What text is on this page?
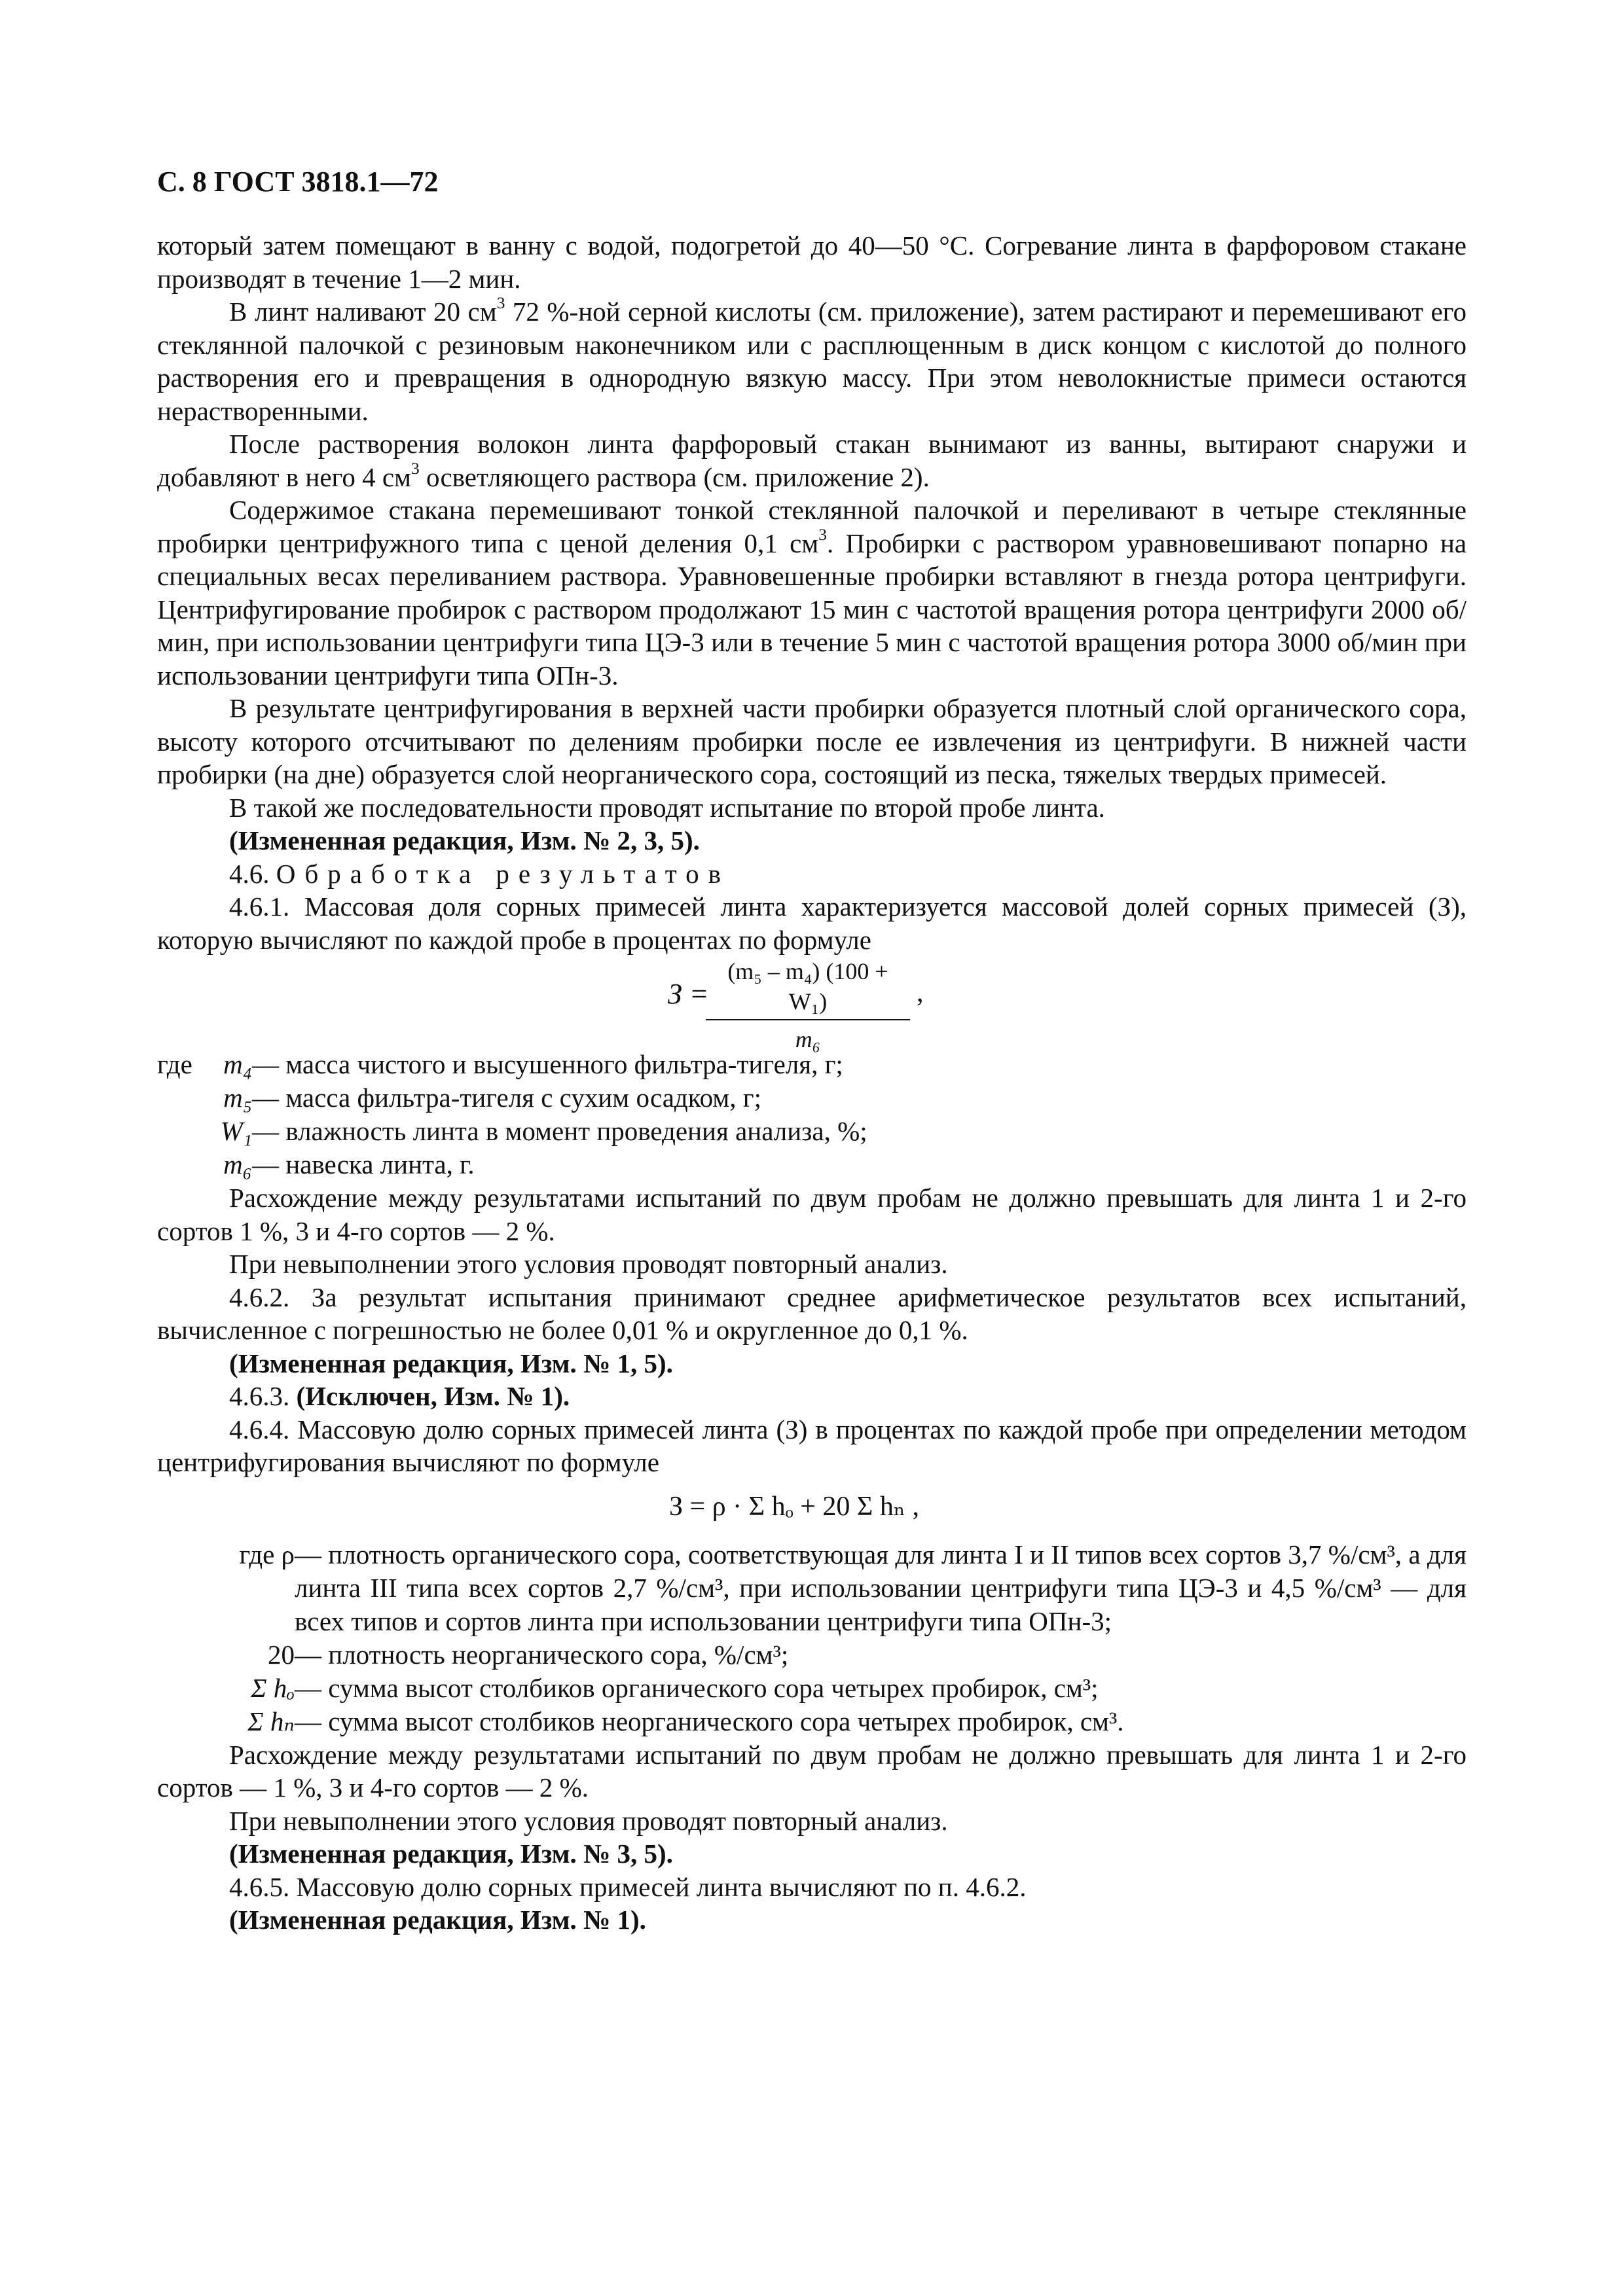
С. 8 ГОСТ 3818.1—72

который затем помещают в ванну с водой, подогретой до 40—50 °С. Согревание линта в фарфоровом стакане производят в течение 1—2 мин.

В линт наливают 20 $см^3$ 72 %-ной серной кислоты (см. приложение), затем растирают и перемешивают его стеклянной палочкой с резиновым наконечником или с расплющенным в диск концом с кислотой до полного растворения его и превращения в однородную вязкую массу. При этом неволокнистые примеси остаются нерастворенными.

После растворения волокон линта фарфоровый стакан вынимают из ванны, вытирают снаружи и добавляют в него 4 $см^3$ осветляющего раствора (см. приложение 2).

Содержимое стакана перемешивают тонкой стеклянной палочкой и переливают в четыре стеклянные пробирки центрифужного типа с ценой деления 0,1 $см^3$. Пробирки с раствором уравновешивают попарно на специальных весах переливанием раствора. Уравновешенные пробирки вставляют в гнезда ротора центрифуги. Центрифугирование пробирок с раствором продолжают 15 мин с частотой вращения ротора центрифуги 2000 об/мин, при использовании центрифуги типа ЦЭ-3 или в течение 5 мин с частотой вращения ротора 3000 об/мин при использовании центрифуги типа ОПн-3.

В результате центрифугирования в верхней части пробирки образуется плотный слой органического сора, высоту которого отсчитывают по делениям пробирки после ее извлечения из центрифуги. В нижней части пробирки (на дне) образуется слой неорганического сора, состоящий из песка, тяжелых твердых примесей.

В такой же последовательности проводят испытание по второй пробе линта.

(Измененная редакция, Изм. № 2, 3, 5).

4.6. Обработка результатов

4.6.1. Массовая доля сорных примесей линта характеризуется массовой долей сорных примесей (З), которую вычисляют по каждой пробе в процентах по формуле

З =
(m₅ – m₄) (100 + W₁)
m₆
,
где	m₄ — масса чистого и высушенного фильтра-тигеля, г;
m₅ — масса фильтра-тигеля с сухим осадком, г;
W₁ — влажность линта в момент проведения анализа, %;
m₆ — навеска линта, г.

Расхождение между результатами испытаний по двум пробам не должно превышать для линта 1 и 2-го сортов 1 %, 3 и 4-го сортов — 2 %.

При невыполнении этого условия проводят повторный анализ.

4.6.2. За результат испытания принимают среднее арифметическое результатов всех испытаний, вычисленное с погрешностью не более 0,01 % и округленное до 0,1 %.

(Измененная редакция, Изм. № 1, 5).

4.6.3. (Исключен, Изм. № 1).

4.6.4. Массовую долю сорных примесей линта (З) в процентах по каждой пробе при определении методом центрифугирования вычисляют по формуле

З = ρ · Σ hₒ + 20 Σ hₙ ,
где ρ — плотность органического сора, соответствующая для линта I и II типов всех сортов 3,7 %/см³, а для линта III типа всех сортов 2,7 %/см³, при использовании центрифуги типа ЦЭ-3 и 4,5 %/см³ — для всех типов и сортов линта при использовании центрифуги типа ОПн-3;
20 — плотность неорганического сора, %/см³;
Σ hₒ — сумма высот столбиков органического сора четырех пробирок, см³;
Σ hₙ — сумма высот столбиков неорганического сора четырех пробирок, см³.

Расхождение между результатами испытаний по двум пробам не должно превышать для линта 1 и 2-го сортов — 1 %, 3 и 4-го сортов — 2 %.

При невыполнении этого условия проводят повторный анализ.

(Измененная редакция, Изм. № 3, 5).

4.6.5. Массовую долю сорных примесей линта вычисляют по п. 4.6.2.

(Измененная редакция, Изм. № 1).
